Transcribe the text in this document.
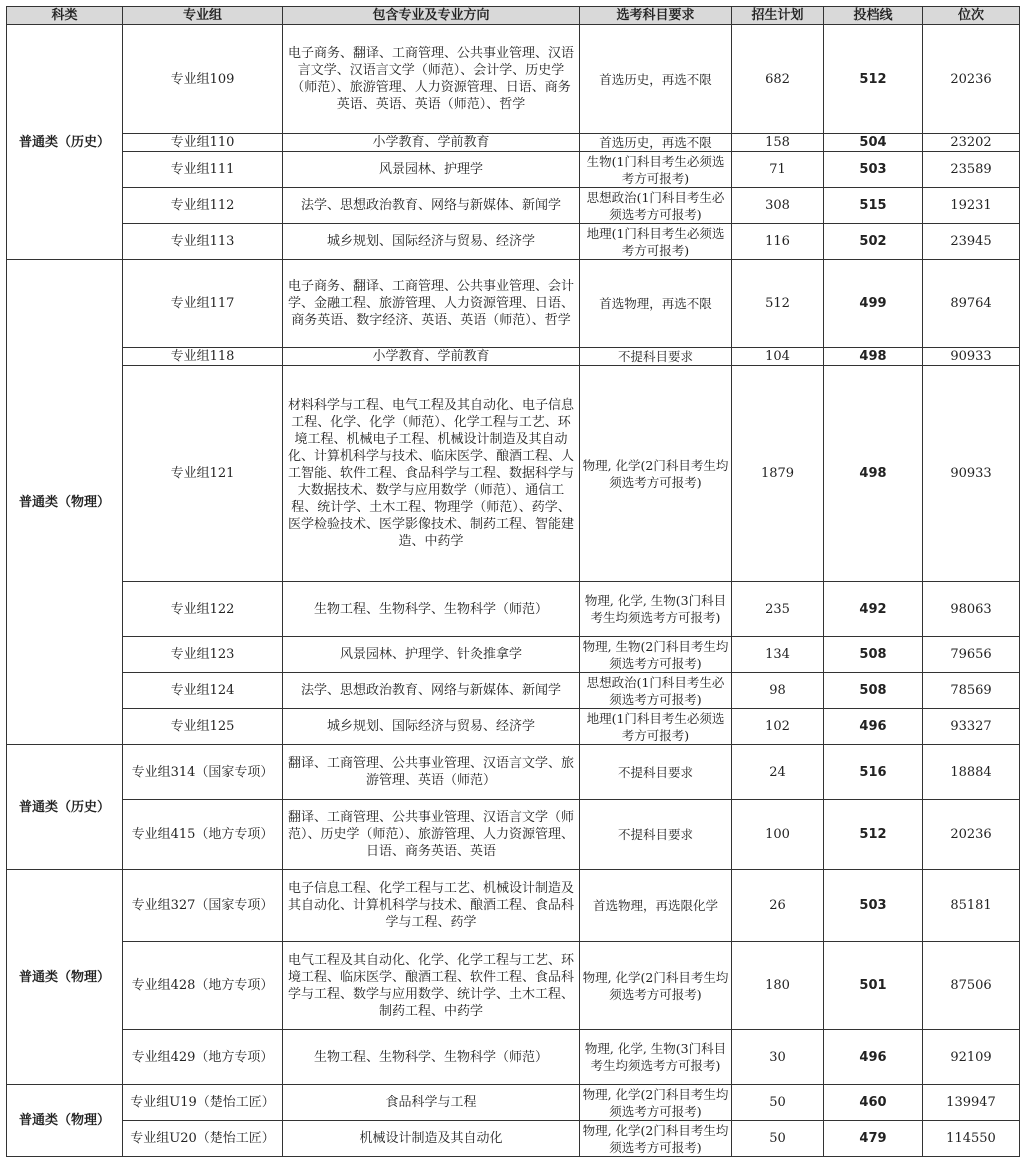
科类	专业组	包含专业及专业方向	选考科目要求	招生计划	投档线	位次
普通类（历史）	专业组109	电子商务、翻译、工商管理、公共事业管理、汉语言文学、汉语言文学（师范）、会计学、历史学（师范）、旅游管理、人力资源管理、日语、商务英语、英语、英语（师范）、哲学	首选历史，再选不限	682	512	20236
	专业组110	小学教育、学前教育	首选历史，再选不限	158	504	23202
	专业组111	风景园林、护理学	生物(1门科目考生必须选考方可报考)	71	503	23589
	专业组112	法学、思想政治教育、网络与新媒体、新闻学	思想政治(1门科目考生必须选考方可报考)	308	515	19231
	专业组113	城乡规划、国际经济与贸易、经济学	地理(1门科目考生必须选考方可报考)	116	502	23945
普通类（物理）	专业组117	电子商务、翻译、工商管理、公共事业管理、会计学、金融工程、旅游管理、人力资源管理、日语、商务英语、数字经济、英语、英语（师范）、哲学	首选物理，再选不限	512	499	89764
	专业组118	小学教育、学前教育	不提科目要求	104	498	90933
	专业组121	材料科学与工程、电气工程及其自动化、电子信息工程、化学、化学（师范）、化学工程与工艺、环境工程、机械电子工程、机械设计制造及其自动化、计算机科学与技术、临床医学、酿酒工程、人工智能、软件工程、食品科学与工程、数据科学与大数据技术、数学与应用数学（师范）、通信工程、统计学、土木工程、物理学（师范）、药学、医学检验技术、医学影像技术、制药工程、智能建造、中药学	物理, 化学(2门科目考生均须选考方可报考)	1879	498	90933
	专业组122	生物工程、生物科学、生物科学（师范）	物理, 化学, 生物(3门科目考生均须选考方可报考)	235	492	98063
	专业组123	风景园林、护理学、针灸推拿学	物理, 生物(2门科目考生均须选考方可报考)	134	508	79656
	专业组124	法学、思想政治教育、网络与新媒体、新闻学	思想政治(1门科目考生必须选考方可报考)	98	508	78569
	专业组125	城乡规划、国际经济与贸易、经济学	地理(1门科目考生必须选考方可报考)	102	496	93327
普通类（历史）	专业组314（国家专项）	翻译、工商管理、公共事业管理、汉语言文学、旅游管理、英语（师范）	不提科目要求	24	516	18884
	专业组415（地方专项）	翻译、工商管理、公共事业管理、汉语言文学（师范）、历史学（师范）、旅游管理、人力资源管理、日语、商务英语、英语	不提科目要求	100	512	20236
普通类（物理）	专业组327（国家专项）	电子信息工程、化学工程与工艺、机械设计制造及其自动化、计算机科学与技术、酿酒工程、食品科学与工程、药学	首选物理，再选限化学	26	503	85181
	专业组428（地方专项）	电气工程及其自动化、化学、化学工程与工艺、环境工程、临床医学、酿酒工程、软件工程、食品科学与工程、数学与应用数学、统计学、土木工程、制药工程、中药学	物理, 化学(2门科目考生均须选考方可报考)	180	501	87506
	专业组429（地方专项）	生物工程、生物科学、生物科学（师范）	物理, 化学, 生物(3门科目考生均须选考方可报考)	30	496	92109
普通类（物理）	专业组U19（楚怡工匠）	食品科学与工程	物理, 化学(2门科目考生均须选考方可报考)	50	460	139947
	专业组U20（楚怡工匠）	机械设计制造及其自动化	物理, 化学(2门科目考生均须选考方可报考)	50	479	114550
